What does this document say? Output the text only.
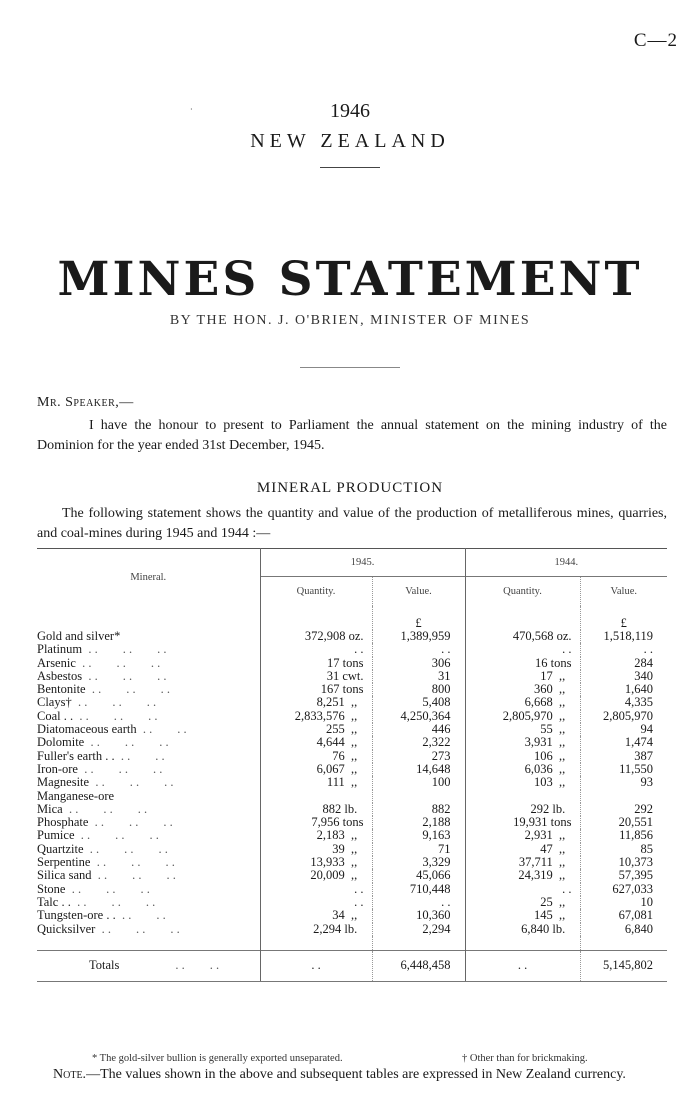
C—2
·	1946
NEW ZEALAND
MINES STATEMENT
BY THE HON. J. O'BRIEN, MINISTER OF MINES
Mr. Speaker,—
I have the honour to present to Parliament the annual statement on the mining industry of the Dominion for the year ended 31st December, 1945.
MINERAL PRODUCTION
The following statement shows the quantity and value of the production of metalliferous mines, quarries, and coal-mines during 1945 and 1944 :—
Mineral.	1945.		1944.	
	Quantity.	Value.	Quantity.	Value.
		£		£
Gold and silver*	372,908 oz.	1,389,959	470,568 oz.	1,518,119
Platinum . .        . .        . .	. .	. .	. .	. .
Arsenic . .        . .        . .	17 tons	306	16 tons	284
Asbestos . .        . .        . .	31 cwt.	31	17  ,,	340
Bentonite . .        . .        . .	167 tons	800	360  ,,	1,640
Clays† . .        . .        . .	8,251  ,,	5,408	6,668  ,,	4,335
Coal . . . .        . .        . .	2,833,576  ,,	4,250,364	2,805,970  ,,	2,805,970
Diatomaceous earth . .        . .	255  ,,	446	55  ,,	94
Dolomite . .        . .        . .	4,644  ,,	2,322	3,931  ,,	1,474
Fuller's earth . . . .        . .	76  ,,	273	106  ,,	387
Iron-ore . .        . .        . .	6,067  ,,	14,648	6,036  ,,	11,550
Magnesite . .        . .        . .	111  ,,	100	103  ,,	93
Manganese-ore				
Mica . .        . .        . .	882 lb.	882	292 lb.	292
Phosphate . .        . .        . .	7,956 tons	2,188	19,931 tons	20,551
Pumice . .        . .        . .	2,183  ,,	9,163	2,931  ,,	11,856
Quartzite . .        . .        . .	39  ,,	71	47  ,,	85
Serpentine . .        . .        . .	13,933  ,,	3,329	37,711  ,,	10,373
Silica sand . .        . .        . .	20,009  ,,	45,066	24,319  ,,	57,395
Stone . .        . .        . .	. .	710,448	. .	627,033
Talc . . . .        . .        . .	. .	. .	25  ,,	10
Tungsten-ore . . . .        . .	34  ,,	10,360	145  ,,	67,081
Quicksilver . .        . .        . .	2,294 lb.	2,294	6,840 lb.	6,840

Totals . .        . .	. .	6,448,458	. .	5,145,802
* The gold-silver bullion is generally exported unseparated.	† Other than for brickmaking.
Note.—The values shown in the above and subsequent tables are expressed in New Zealand currency.
